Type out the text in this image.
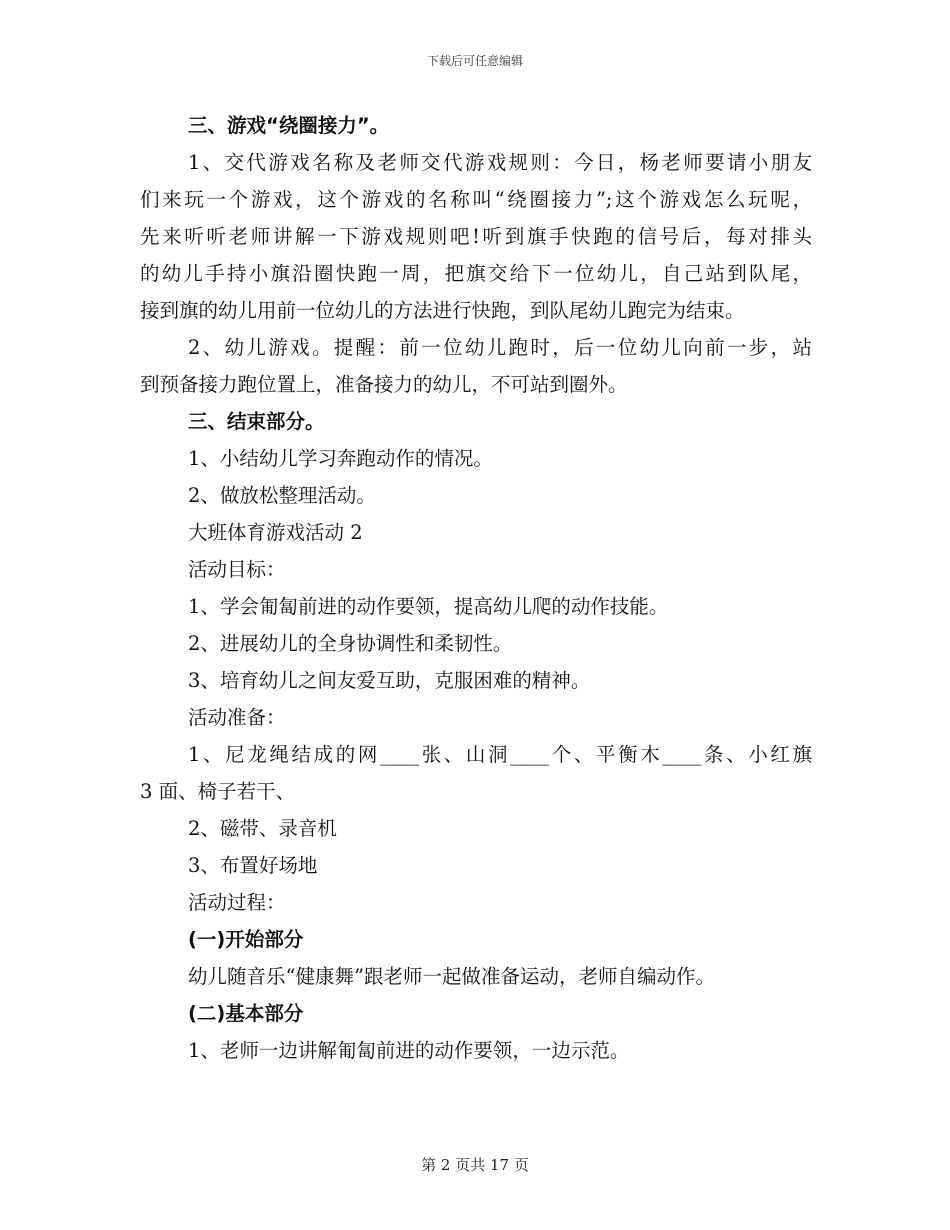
下载后可任意编辑
三、游戏“绕圈接力”。
1、交代游戏名称及老师交代游戏规则：今日，杨老师要请小朋友
们来玩一个游戏，这个游戏的名称叫“绕圈接力”;这个游戏怎么玩呢，
先来听听老师讲解一下游戏规则吧!听到旗手快跑的信号后，每对排头
的幼儿手持小旗沿圈快跑一周，把旗交给下一位幼儿，自己站到队尾，
接到旗的幼儿用前一位幼儿的方法进行快跑，到队尾幼儿跑完为结束。
2、幼儿游戏。提醒：前一位幼儿跑时，后一位幼儿向前一步，站
到预备接力跑位置上，准备接力的幼儿，不可站到圈外。
三、结束部分。
1、小结幼儿学习奔跑动作的情况。
2、做放松整理活动。
大班体育游戏活动 2
活动目标：
1、学会匍匐前进的动作要领，提高幼儿爬的动作技能。
2、进展幼儿的全身协调性和柔韧性。
3、培育幼儿之间友爱互助，克服困难的精神。
活动准备：
1、尼龙绳结成的网____张、山洞____个、平衡木____条、小红旗
3 面、椅子若干、
2、磁带、录音机
3、布置好场地
活动过程：
(一)开始部分
幼儿随音乐“健康舞”跟老师一起做准备运动，老师自编动作。
(二)基本部分
1、老师一边讲解匍匐前进的动作要领，一边示范。
第 2 页共 17 页
